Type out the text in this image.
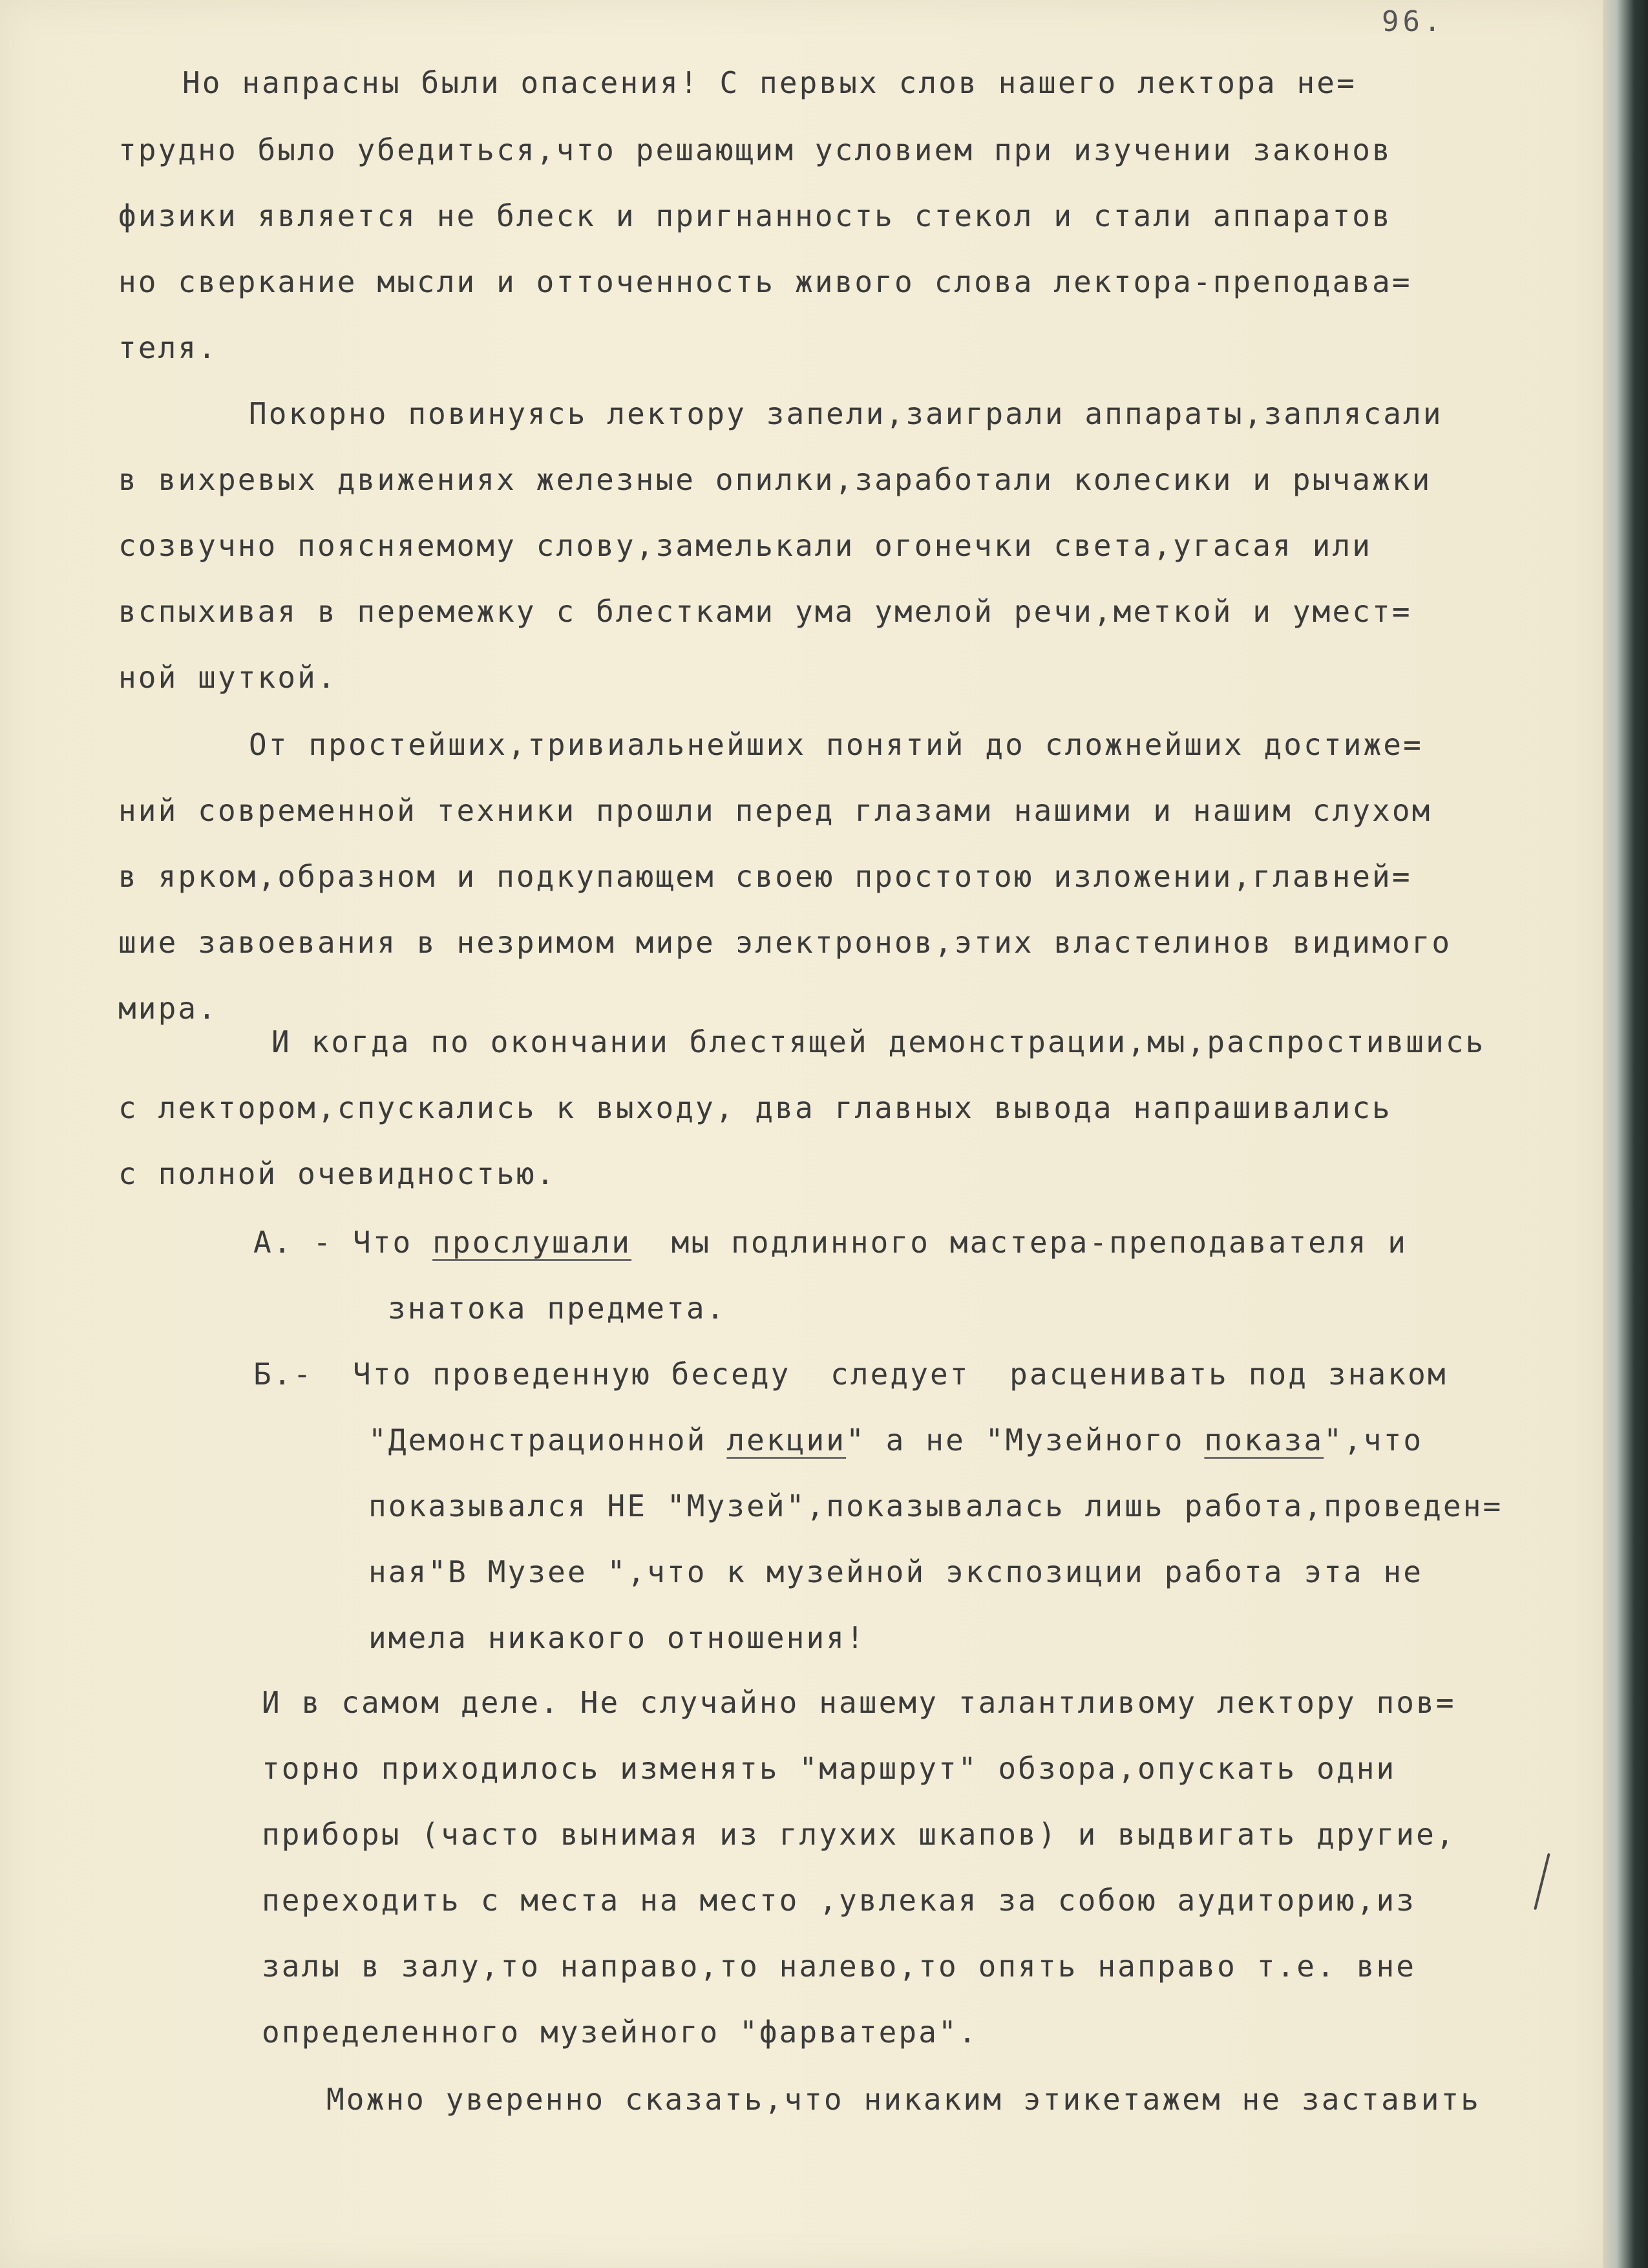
96.
Но напрасны были опасения! С первых слов нашего лектора не=
трудно было убедиться,что решающим условием при изучении законов
физики является не блеск и пригнанность стекол и стали аппаратов
но сверкание мысли и отточенность живого слова лектора-преподава=
теля.
Покорно повинуясь лектору запели,заиграли аппараты,заплясали
в вихревых движениях железные опилки,заработали колесики и рычажки
созвучно поясняемому слову,замелькали огонечки света,угасая или
вспыхивая в перемежку с блестками ума умелой речи,меткой и умест=
ной шуткой.
От простейших,тривиальнейших понятий до сложнейших достиже=
ний современной техники прошли перед глазами нашими и нашим слухом
в ярком,образном и подкупающем своею простотою изложении,главней=
шие завоевания в незримом мире электронов,этих властелинов видимого
мира.
И когда по окончании блестящей демонстрации,мы,распростившись
с лектором,спускались к выходу, два главных вывода напрашивались
с полной очевидностью.
А. - Что прослушали  мы подлинного мастера-преподавателя и
знатока предмета.
Б.-  Что проведенную беседу  следует  расценивать под знаком
"Демонстрационной лекции" а не "Музейного показа",что
показывался НЕ "Музей",показывалась лишь работа,проведен=
ная"В Музее ",что к музейной экспозиции работа эта не
имела никакого отношения!
И в самом деле. Не случайно нашему талантливому лектору пов=
торно приходилось изменять "маршрут" обзора,опускать одни
приборы (часто вынимая из глухих шкапов) и выдвигать другие,
переходить с места на место ,увлекая за собою аудиторию,из
залы в залу,то направо,то налево,то опять направо т.е. вне
определенного музейного "фарватера".
Можно уверенно сказать,что никаким этикетажем не заставить
